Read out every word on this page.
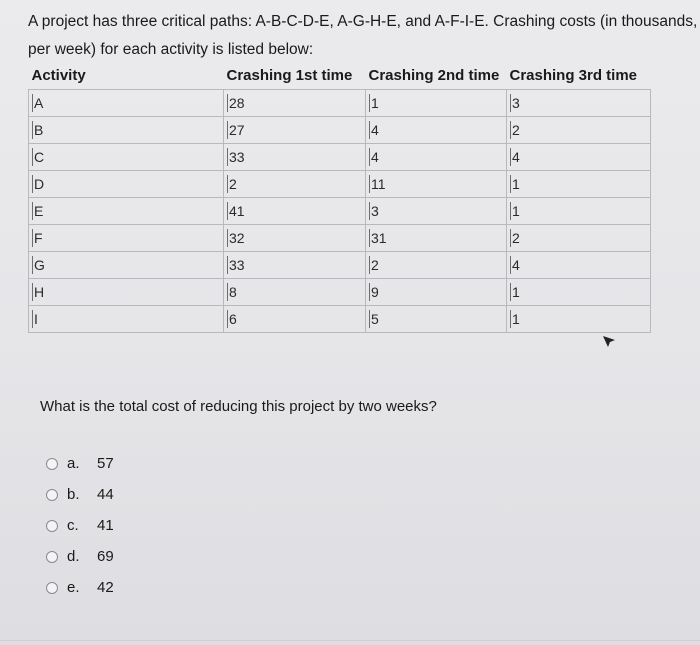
A project has three critical paths: A-B-C-D-E, A-G-H-E, and A-F-I-E. Crashing costs (in thousands, per week) for each activity is listed below:
Activity	Crashing 1st time	Crashing 2nd time	Crashing 3rd time
A	28	1	3
B	27	4	2
C	33	4	4
D	2	11	1
E	41	3	1
F	32	31	2
G	33	2	4
H	8	9	1
I	6	5	1
What is the total cost of reducing this project by two weeks?
a.	57
b.	44
c.	41
d.	69
e.	42
